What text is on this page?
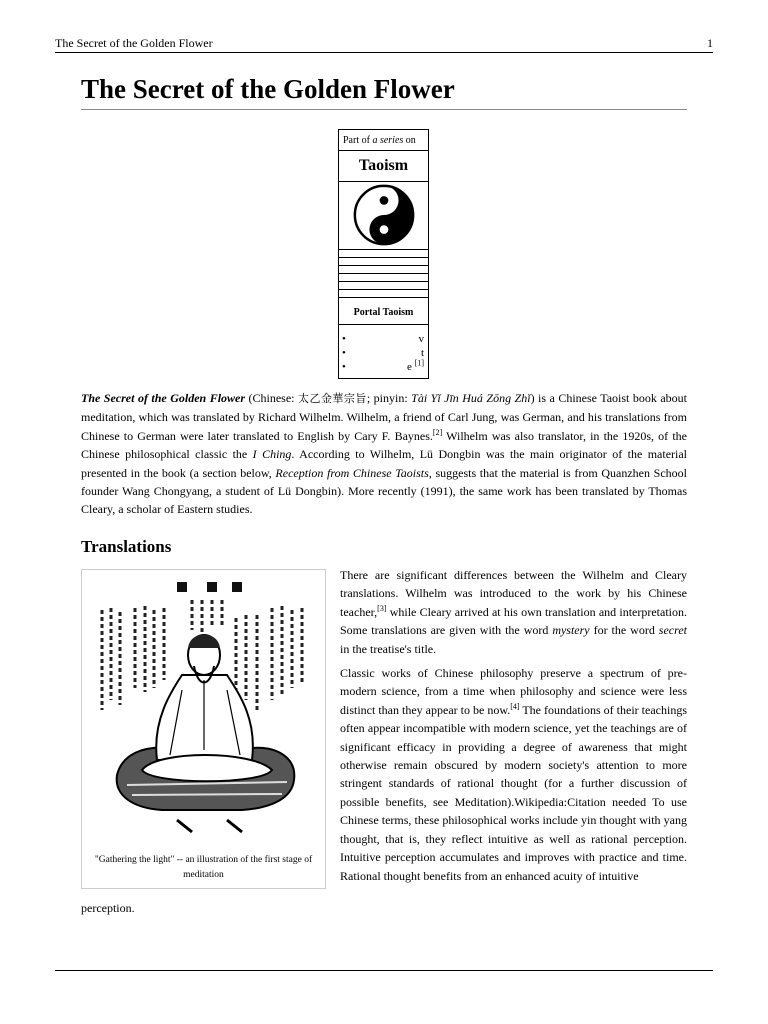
The Secret of the Golden Flower	1
The Secret of the Golden Flower
Part of a series on
Taoism
Portal Taoism
•	v
•	t
•	e [1]

The Secret of the Golden Flower (Chinese: 太乙金華宗旨; pinyin: Tài Yǐ Jīn Huá Zōng Zhǐ) is a Chinese Taoist book about meditation, which was translated by Richard Wilhelm. Wilhelm, a friend of Carl Jung, was German, and his translations from Chinese to German were later translated to English by Cary F. Baynes.[2] Wilhelm was also translator, in the 1920s, of the Chinese philosophical classic the I Ching. According to Wilhelm, Lü Dongbin was the main originator of the material presented in the book (a section below, Reception from Chinese Taoists, suggests that the material is from Quanzhen School founder Wang Chongyang, a student of Lü Dongbin). More recently (1991), the same work has been translated by Thomas Cleary, a scholar of Eastern studies.

Translations
"Gathering the light" -- an illustration of the first stage of meditation

There are significant differences between the Wilhelm and Cleary translations. Wilhelm was introduced to the work by his Chinese teacher,[3] while Cleary arrived at his own translation and interpretation. Some translations are given with the word mystery for the word secret in the treatise's title.

Classic works of Chinese philosophy preserve a spectrum of pre-modern science, from a time when philosophy and science were less distinct than they appear to be now.[4] The foundations of their teachings often appear incompatible with modern science, yet the teachings are of significant efficacy in providing a degree of awareness that might otherwise remain obscured by modern society's attention to more stringent standards of rational thought (for a further discussion of possible benefits, see Meditation).Wikipedia:Citation needed To use Chinese terms, these philosophical works include yin thought with yang thought, that is, they reflect intuitive as well as rational perception. Intuitive perception accumulates and improves with practice and time. Rational thought benefits from an enhanced acuity of intuitive

perception.
